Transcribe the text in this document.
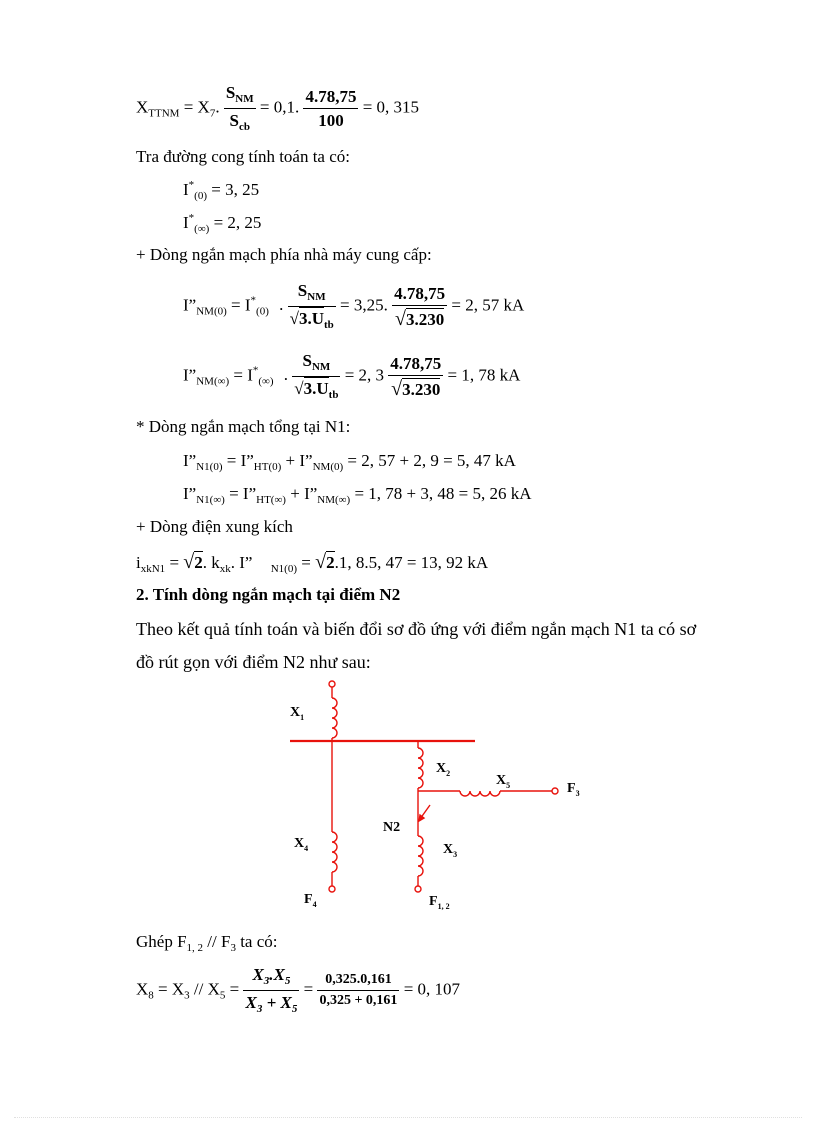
$X_{TTNM} = X_7$. $\frac{S_{NM}}{S_{cb}} = 0,1$. $\frac{4.78,75}{100} = 0$, 315
Tra đường cong tính toán ta có:
$I^*_{(0)} = 3$, 25
$I^*_{(\infty)} = 2$, 25
+ Dòng ngắn mạch phía nhà máy cung cấp:
$I”_{NM(0)} = I^*_{(0)}$ . $\frac{S_{NM}}{√3.U_{tb}} = 3,25$. $\frac{4.78,75}{√3.230} = 2$, 57 kA
$I”_{NM(\infty)} = I^*_{(\infty)}$ . $\frac{S_{NM}}{√3.U_{tb}} = 2$, $3 \frac{4.78,75}{√3.230} = 1$, 78 kA
* Dòng ngắn mạch tổng tại N1:
$I”_{N1(0)}$ = $I”_{HT(0)}$ + $I”_{NM(0)} = 2$, 57 + 2, 9 = 5, 47 kA
$I”_{N1(\infty)}$ = $I”_{HT(\infty)}$ + $I”_{NM(\infty)} = 1$, 78 + 3, 48 = 5, 26 kA
+ Dòng điện xung kích
$i_{xkN1} = √2$. $k_{xk}$. I” $_{N1(0)}$ = √2.1, 8.5, 47 = 13, 92 kA
2. Tính dòng ngắn mạch tại điểm N2
Theo kết quả tính toán và biến đổi sơ đồ ứng với điểm ngắn mạch N1 ta có sơ
đồ rút gọn với điểm N2 như sau:
$X_1$
$X_2$	$X_5$	$F_3$
N2
$X_3$
$X_4$
$F_4$	$F_{1, 2}$
Ghép $F_{1, 2} // F_3$ ta có:
$X_8 = X_3 // X_5 = \frac{X_3.X_5}{X_3 + X_5} = \frac{0,325.0,161}{0,325 + 0,161} = 0$, 107
